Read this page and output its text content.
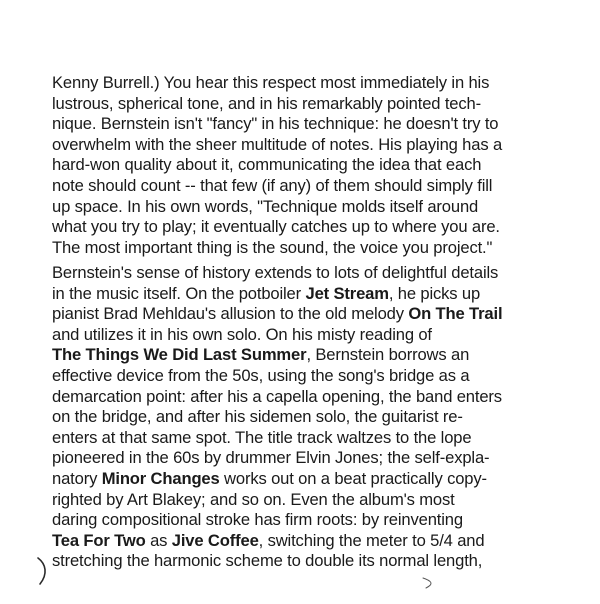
Kenny Burrell.) You hear this respect most immediately in his
lustrous, spherical tone, and in his remarkably pointed tech-
nique. Bernstein isn't "fancy" in his technique: he doesn't try to
overwhelm with the sheer multitude of notes. His playing has a
hard-won quality about it, communicating the idea that each
note should count -- that few (if any) of them should simply fill
up space. In his own words, "Technique molds itself around
what you try to play; it eventually catches up to where you are.
The most important thing is the sound, the voice you project."
Bernstein's sense of history extends to lots of delightful details
in the music itself. On the potboiler Jet Stream, he picks up
pianist Brad Mehldau's allusion to the old melody On The Trail
and utilizes it in his own solo. On his misty reading of
The Things We Did Last Summer, Bernstein borrows an
effective device from the 50s, using the song's bridge as a
demarcation point: after his a capella opening, the band enters
on the bridge, and after his sidemen solo, the guitarist re-
enters at that same spot. The title track waltzes to the lope
pioneered in the 60s by drummer Elvin Jones; the self-expla-
natory Minor Changes works out on a beat practically copy-
righted by Art Blakey; and so on. Even the album's most
daring compositional stroke has firm roots: by reinventing
Tea For Two as Jive Coffee, switching the meter to 5/4 and
stretching the harmonic scheme to double its normal length,
